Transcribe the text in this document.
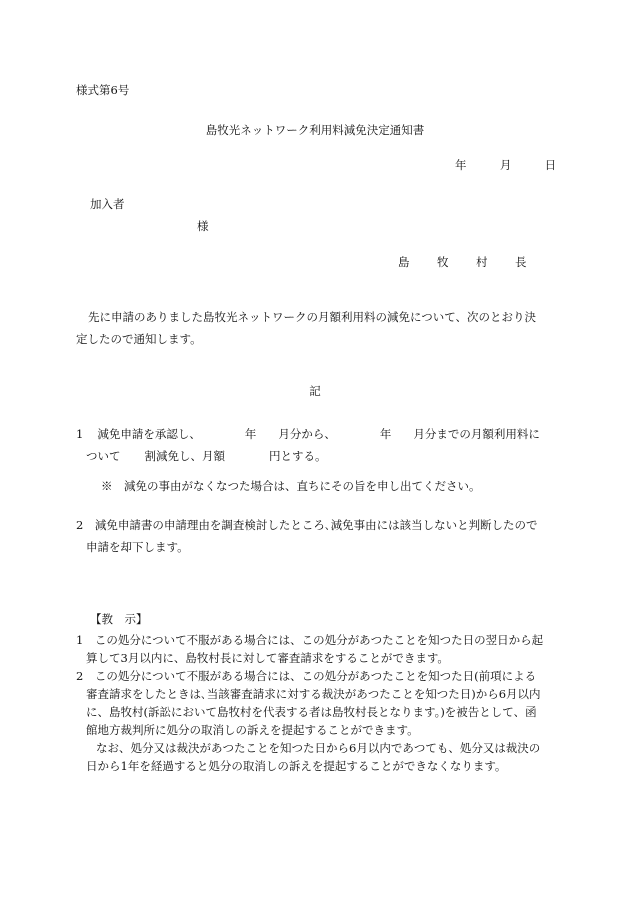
様式第6号
島牧光ネットワーク利用料減免決定通知書
年	月	日
加入者
様
島　牧　村　長
先に申請のありました島牧光ネットワークの月額利用料の減免について、次のとおり決
定したので通知します。
記
1 減免申請を承認し、	年 月分から、	年 月分までの月額利用料に
ついて 割減免し、月額	円とする。
※　減免の事由がなくなつた場合は、直ちにその旨を申し出てください。
2　減免申請書の申請理由を調査検討したところ､減免事由には該当しないと判断したので
申請を却下します。
【教　示】
1　この処分について不服がある場合には、この処分があつたことを知つた日の翌日から起
算して3月以内に、島牧村長に対して審査請求をすることができます。
2　この処分について不服がある場合には、この処分があつたことを知つた日(前項による
審査請求をしたときは､当該審査請求に対する裁決があつたことを知つた日)から6月以内
に、島牧村(訴訟において島牧村を代表する者は島牧村長となります。)を被告として、函
館地方裁判所に処分の取消しの訴えを提起することができます。
なお、処分又は裁決があつたことを知つた日から6月以内であつても、処分又は裁決の
日から1年を経過すると処分の取消しの訴えを提起することができなくなります。
